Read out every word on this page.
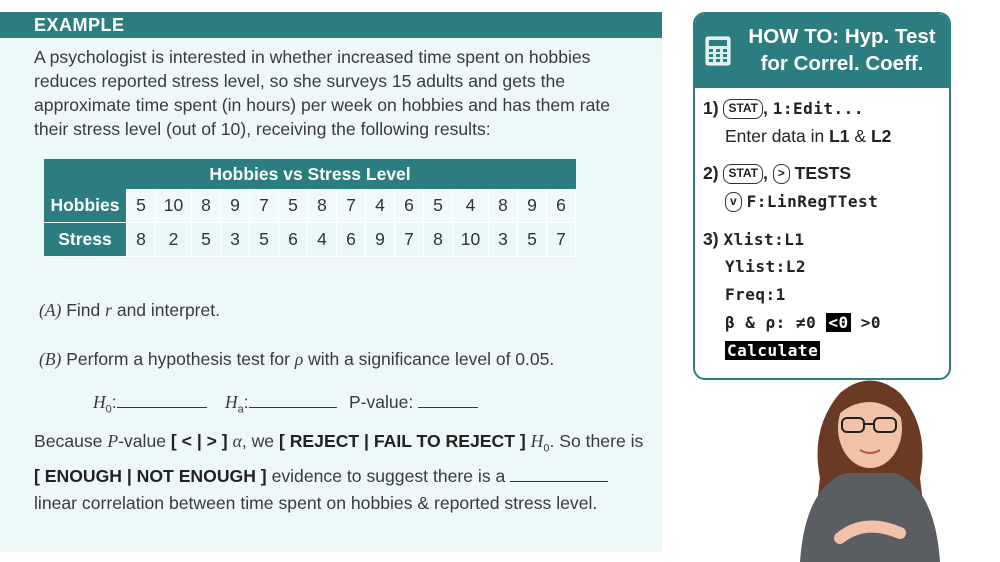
EXAMPLE
A psychologist is interested in whether increased time spent on hobbies reduces reported stress level, so she surveys 15 adults and gets the approximate time spent (in hours) per week on hobbies and has them rate their stress level (out of 10), receiving the following results:
Hobbies vs Stress Level
Hobbies 5	10	8	9	7	5	8	7	4	6	5	4	8	9	6
Stress	8	2	5	3	5	6	4	6	9	7	8	10	3	5	7
(A) Find r and interpret.
(B) Perform a hypothesis test for ρ with a significance level of 0.05.
$H_0$:	$H_a$:	P-value:
Because P-value [ < | > ] α, we [ REJECT | FAIL TO REJECT ] $H_0$. So there is
[ ENOUGH | NOT ENOUGH ] evidence to suggest there is a
linear correlation between time spent on hobbies & reported stress level.
HOW TO: Hyp. Test
for Correl. Coeff.
1) STAT , 1:Edit...
Enter data in L1 & L2
2) STAT , > TESTS
v F:LinRegTTest
3) Xlist:L1
Ylist:L2
Freq:1
β & ρ: ≠0 <0 >0
Calculate
